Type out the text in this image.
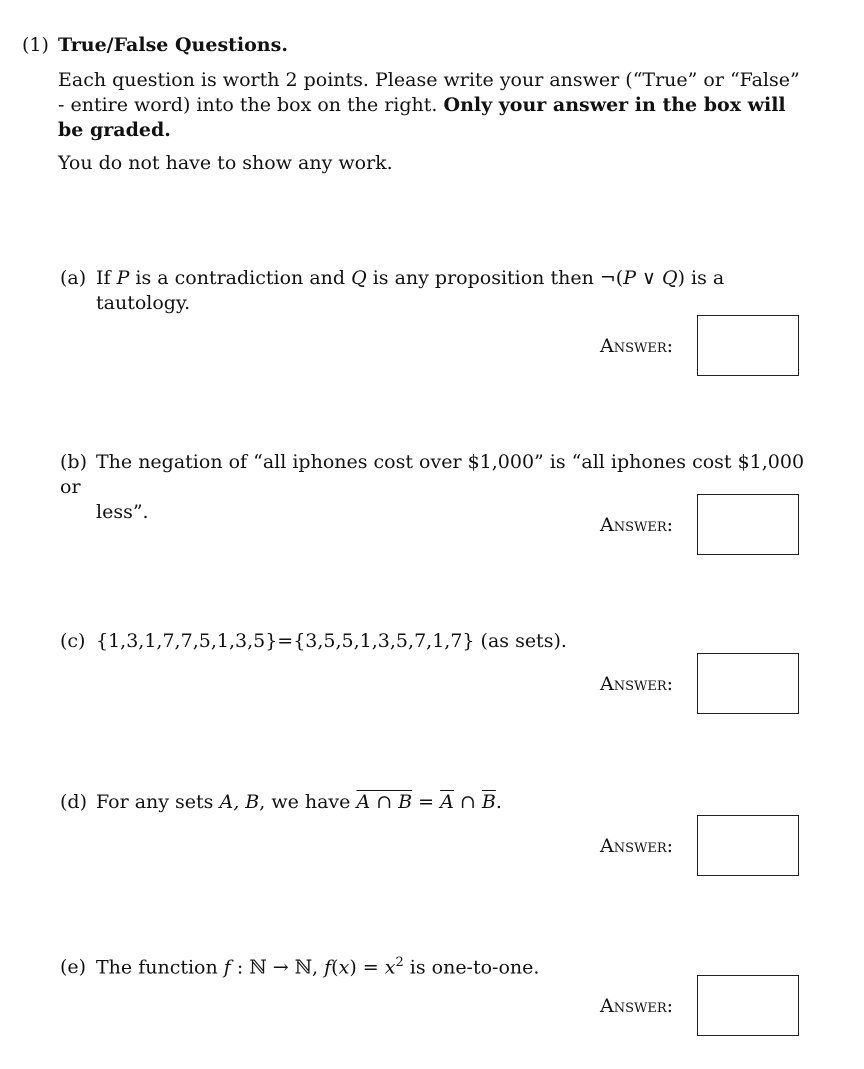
(1) True/False Questions.
Each question is worth 2 points. Please write your answer (“True” or “False” - entire word) into the box on the right. Only your answer in the box will be graded.
You do not have to show any work.
(a) If P is a contradiction and Q is any proposition then ¬(P ∨ Q) is a
tautology.
Answer:
(b) The negation of “all iphones cost over $1,000” is “all iphones cost $1,000 or
less”.
Answer:
(c) {1,3,1,7,7,5,1,3,5}={3,5,5,1,3,5,7,1,7} (as sets).
Answer:
(d) For any sets A, B, we have A ∩ $B = \overline{A}$ ∩ $\overline{B}$.
Answer:
(e) The function f : ℕ → ℕ, $f(x) = x^2$ is one-to-one.
Answer:
